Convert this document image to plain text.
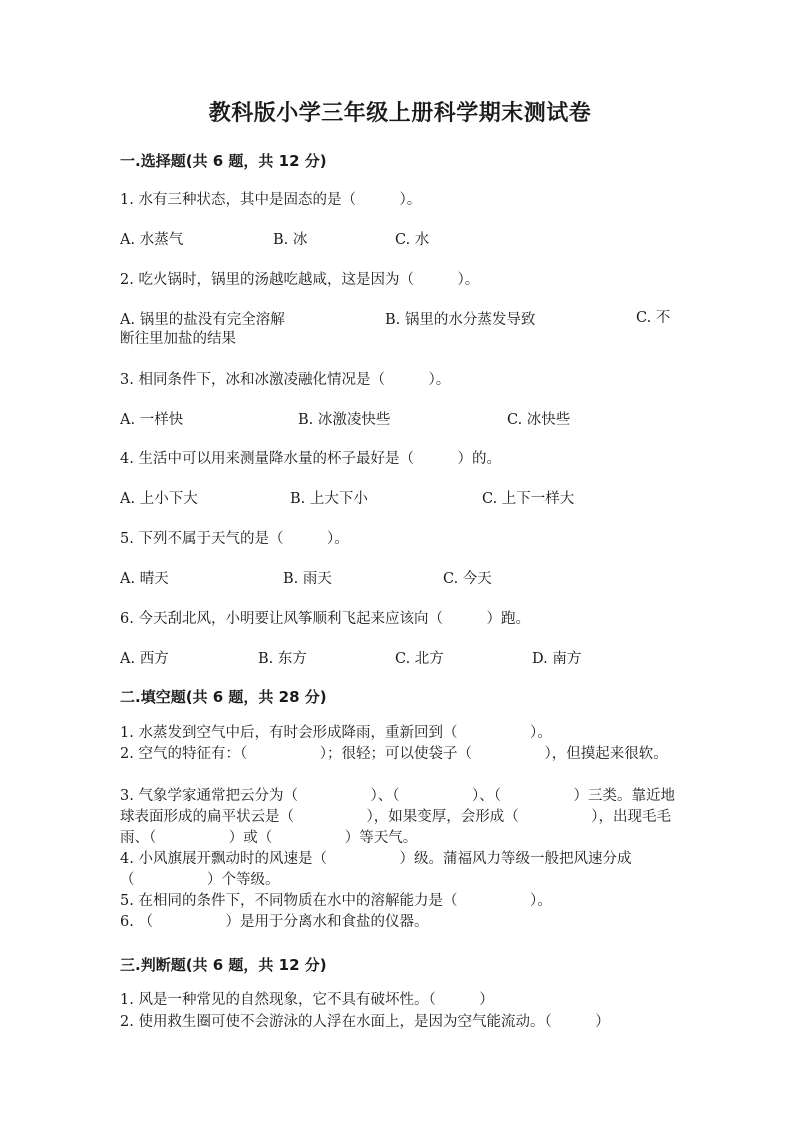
教科版小学三年级上册科学期末测试卷
一.选择题(共 6 题，共 12 分)
1. 水有三种状态，其中是固态的是（　　　）。
A. 水蒸气	B. 冰	C. 水
2. 吃火锅时，锅里的汤越吃越咸，这是因为（　　　）。
A. 锅里的盐没有完全溶解	B. 锅里的水分蒸发导致	C. 不断往里加盐的结果
3. 相同条件下，冰和冰激凌融化情况是（　　　）。
A. 一样快	B. 冰激凌快些	C. 冰快些
4. 生活中可以用来测量降水量的杯子最好是（　　　）的。
A. 上小下大	B. 上大下小	C. 上下一样大
5. 下列不属于天气的是（　　　）。
A. 晴天	B. 雨天	C. 今天
6. 今天刮北风，小明要让风筝顺利飞起来应该向（　　　）跑。
A. 西方	B. 东方	C. 北方	D. 南方
二.填空题(共 6 题，共 28 分)
1. 水蒸发到空气中后，有时会形成降雨，重新回到（　　　　　）。
2. 空气的特征有：（　　　　　）；很轻；可以使袋子（　　　　　），但摸起来很软。
3. 气象学家通常把云分为（　　　　　）、（　　　　　）、（　　　　　）三类。靠近地球表面形成的扁平状云是（　　　　　），如果变厚，会形成（　　　　　），出现毛毛雨、（　　　　　）或（　　　　　）等天气。
4. 小风旗展开飘动时的风速是（　　　　　）级。蒲福风力等级一般把风速分成（　　　　　）个等级。
5. 在相同的条件下，不同物质在水中的溶解能力是（　　　　　）。
6. （　　　　　）是用于分离水和食盐的仪器。
三.判断题(共 6 题，共 12 分)
1. 风是一种常见的自然现象，它不具有破坏性。（　　　）
2. 使用救生圈可使不会游泳的人浮在水面上，是因为空气能流动。（　　　）
